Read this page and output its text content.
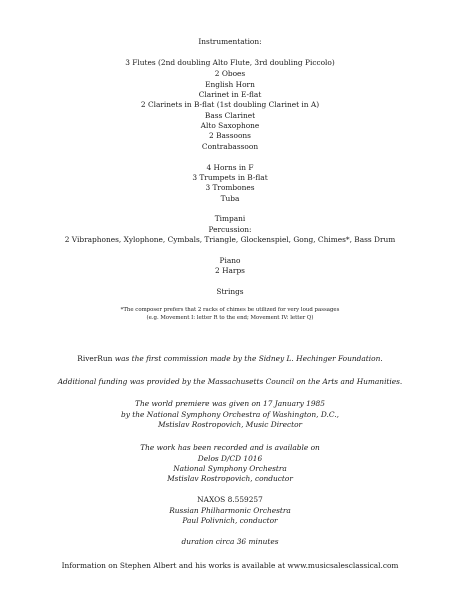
Instrumentation:
3 Flutes (2nd doubling Alto Flute, 3rd doubling Piccolo)
2 Oboes
English Horn
Clarinet in E-flat
2 Clarinets in B-flat (1st doubling Clarinet in A)
Bass Clarinet
Alto Saxophone
2 Bassoons
Contrabassoon
4 Horns in F
3 Trumpets in B-flat
3 Trombones
Tuba
Timpani
Percussion:
2 Vibraphones, Xylophone, Cymbals, Triangle, Glockenspiel, Gong, Chimes*, Bass Drum
Piano
2 Harps
Strings
*The composer prefers that 2 racks of chimes be utilized for very loud passages
(e.g. Movement I: letter R to the end; Movement IV: letter Q)
RiverRun was the first commission made by the Sidney L. Hechinger Foundation.
Additional funding was provided by the Massachusetts Council on the Arts and Humanities.
The world premiere was given on 17 January 1985
by the National Symphony Orchestra of Washington, D.C.,
Mstislav Rostropovich, Music Director
The work has been recorded and is available on
Delos D/CD 1016
National Symphony Orchestra
Mstislav Rostropovich, conductor
NAXOS 8.559257
Russian Philharmonic Orchestra
Paul Polivnich, conductor
duration circa 36 minutes
Information on Stephen Albert and his works is available at www.musicsalesclassical.com
